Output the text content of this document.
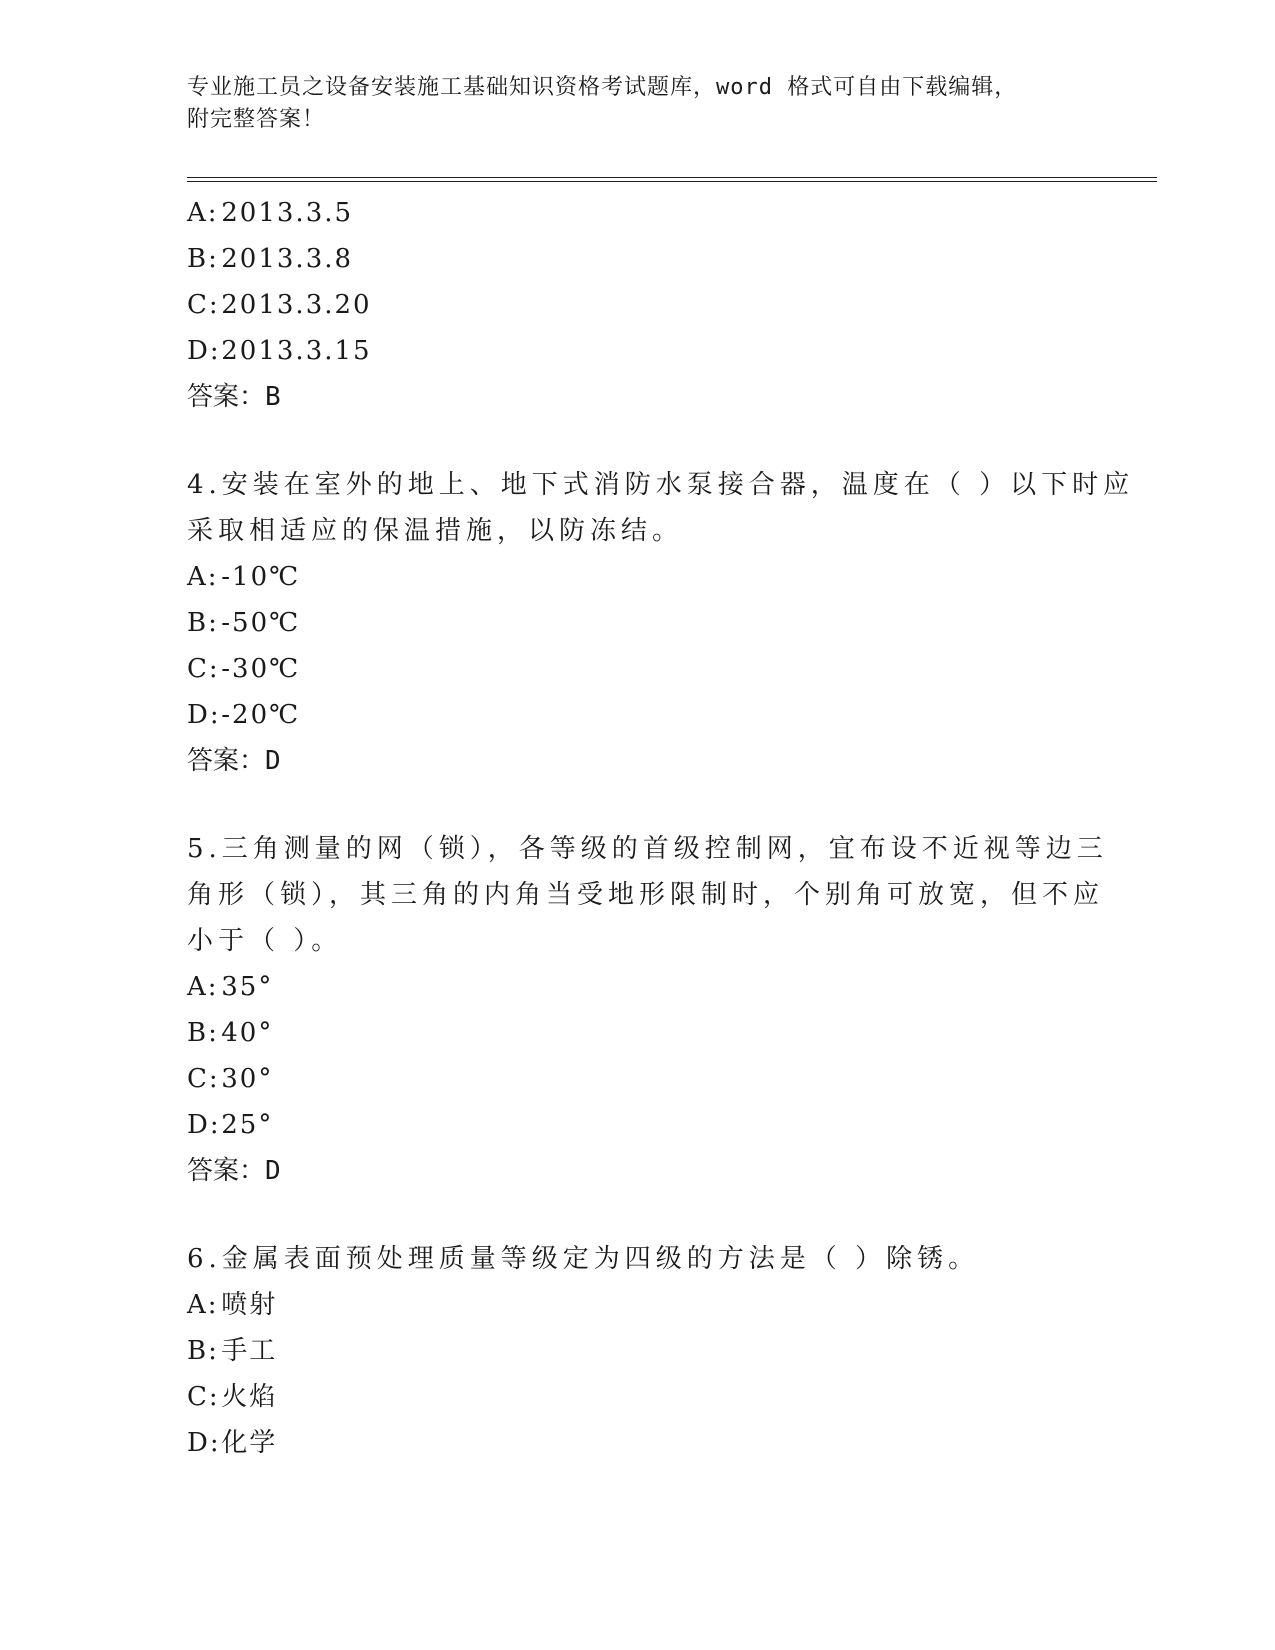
专业施工员之设备安装施工基础知识资格考试题库，word 格式可自由下载编辑，
附完整答案！
A: 2013.3.5
B: 2013.3.8
C: 2013.3.20
D: 2013.3.15
答案：B
4.安装在室外的地上、地下式消防水泵接合器，温度在（ ）以下时应
采取相适应的保温措施，以防冻结。
A: -10℃
B: -50℃
C: -30℃
D: -20℃
答案：D
5.三角测量的网（锁），各等级的首级控制网，宜布设不近视等边三
角形（锁），其三角的内角当受地形限制时，个别角可放宽，但不应
小于（ ）。
A: 35°
B: 40°
C: 30°
D: 25°
答案：D
6.金属表面预处理质量等级定为四级的方法是（ ）除锈。
A: 喷射
B: 手工
C: 火焰
D: 化学
